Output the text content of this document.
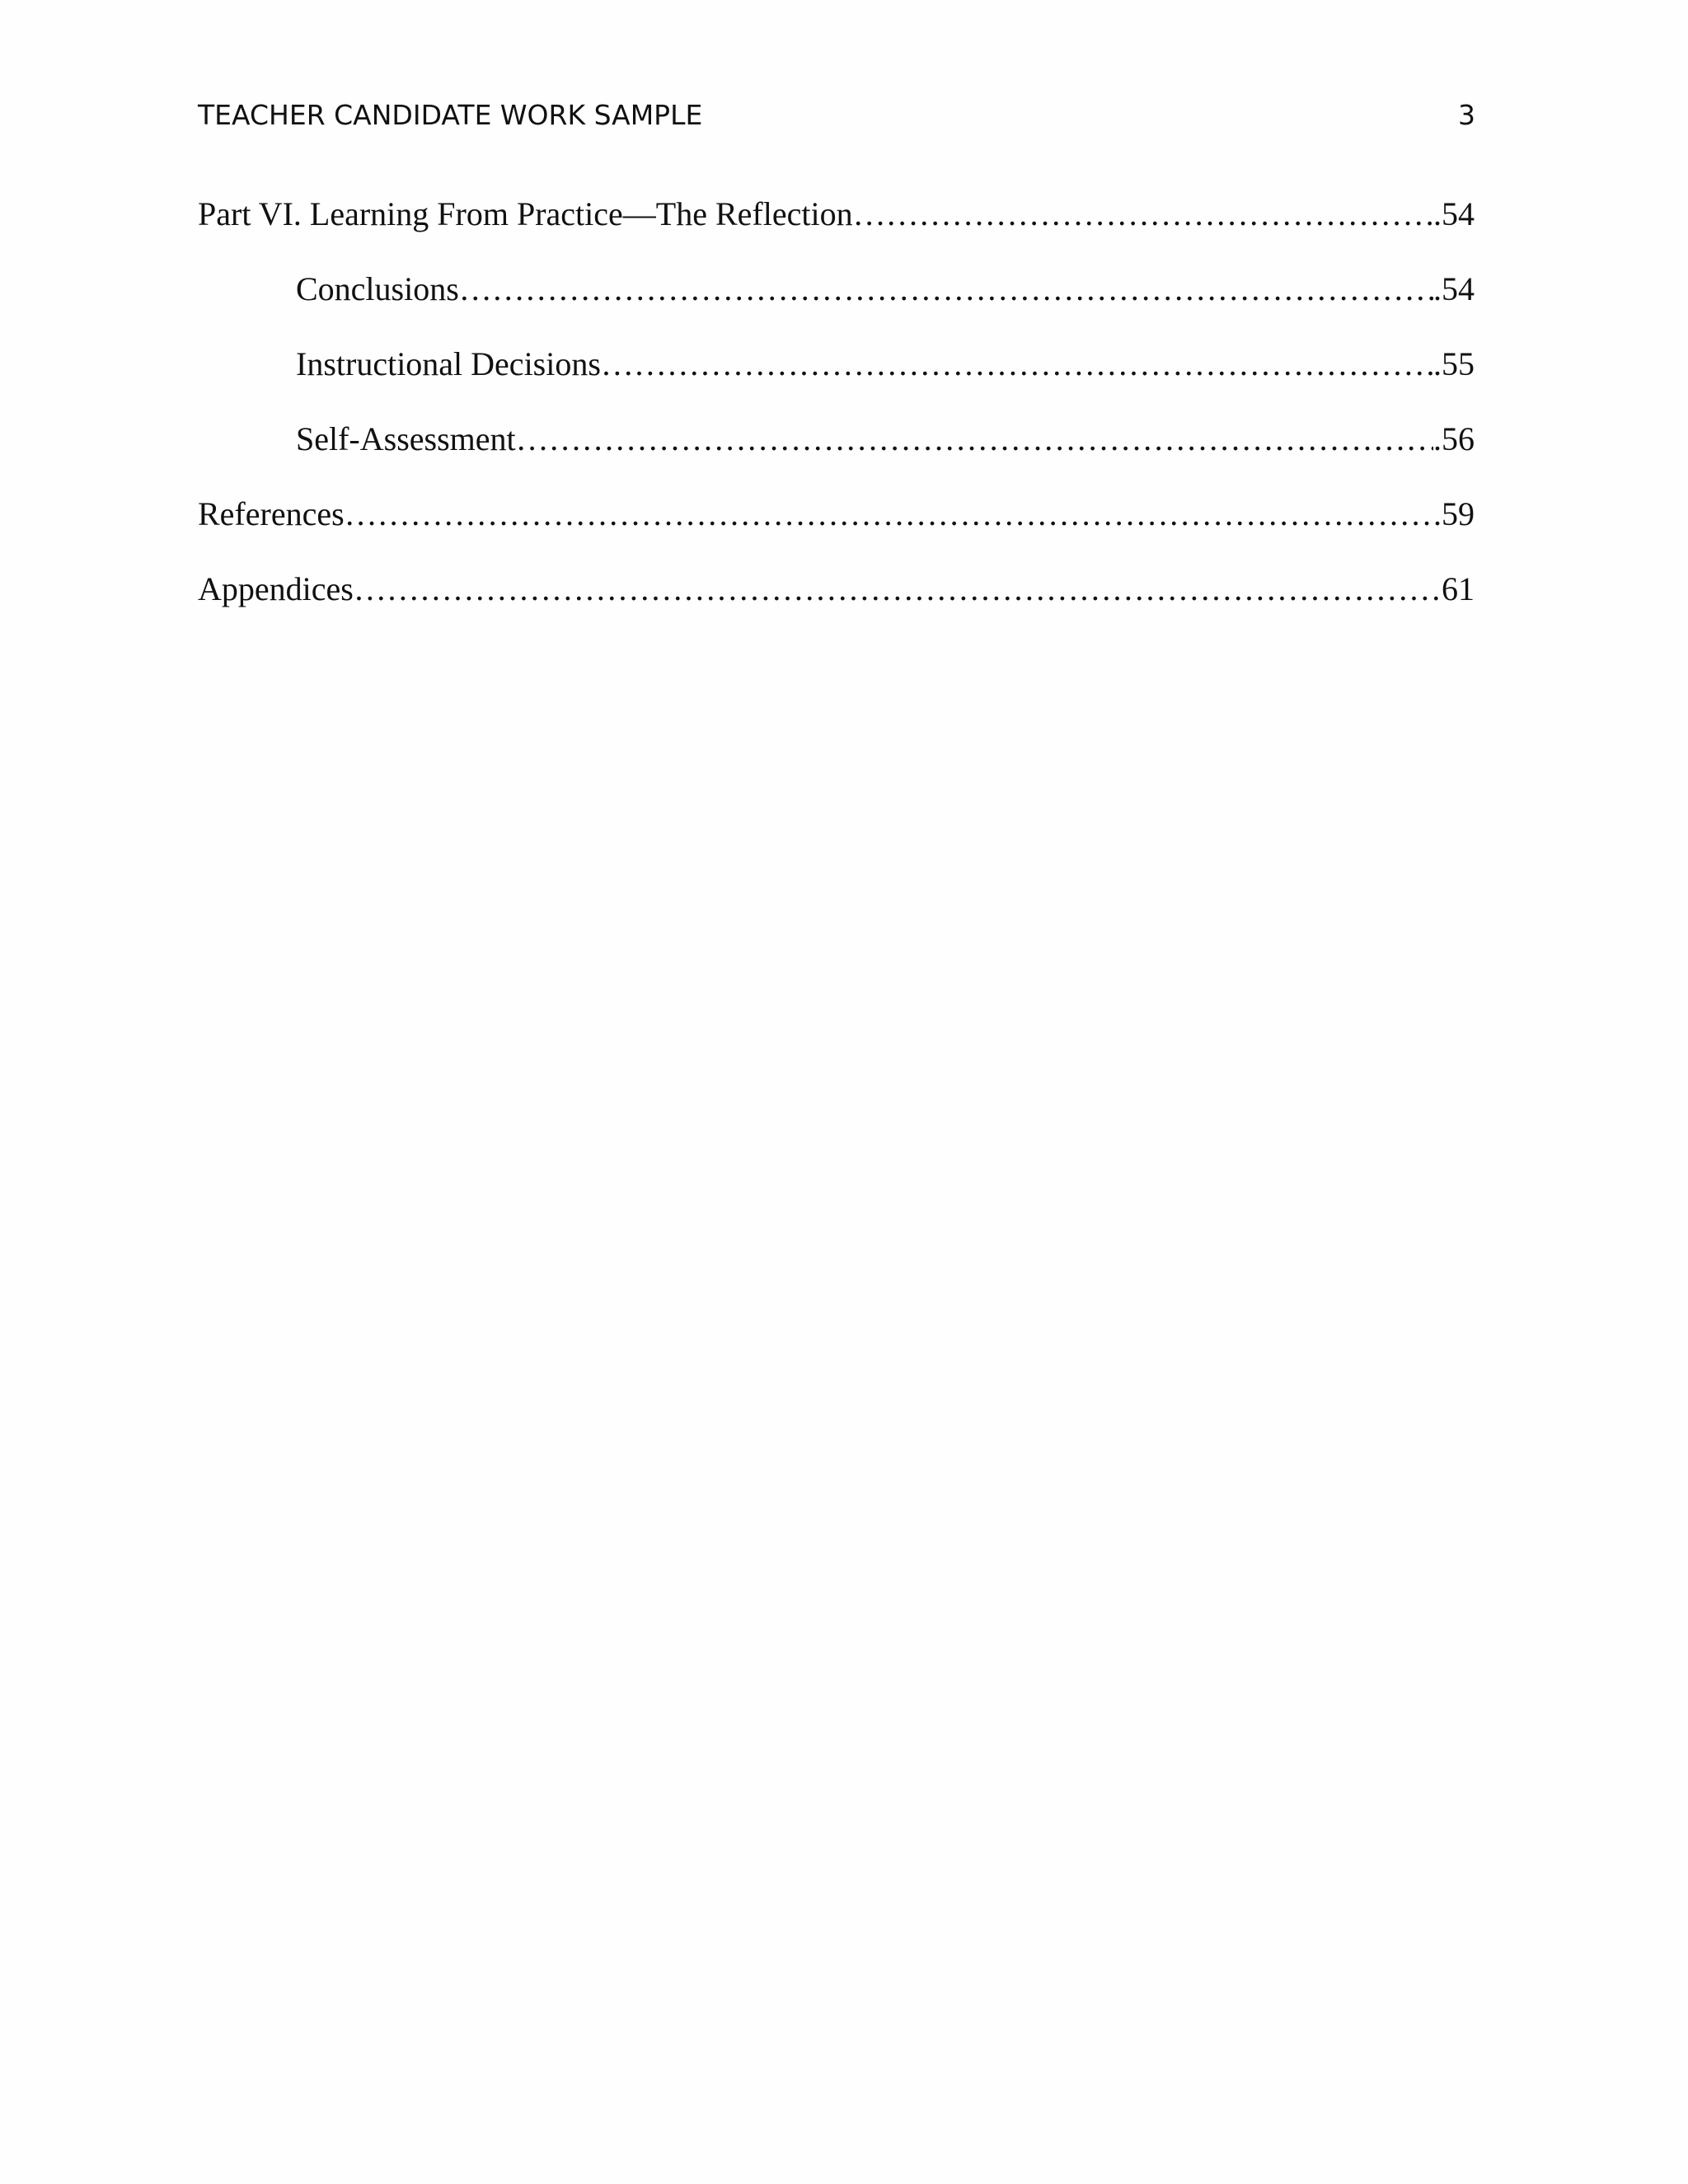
TEACHER CANDIDATE WORK SAMPLE	3
Part VI. Learning From Practice—The Reflection ………………………………………………………………………………………………………………………………………………………………………………………………………………………………………………	.54
Conclusions ………………………………………………………………………………………………………………………………………………………………………………………………………………………………………………	.54
Instructional Decisions ………………………………………………………………………………………………………………………………………………………………………………………………………………………………………………	.55
Self-Assessment ………………………………………………………………………………………………………………………………………………………………………………………………………………………………………………	.56
References ………………………………………………………………………………………………………………………………………………………………………………………………………………………………………………	.59
Appendices ………………………………………………………………………………………………………………………………………………………………………………………………………………………………………………	61
